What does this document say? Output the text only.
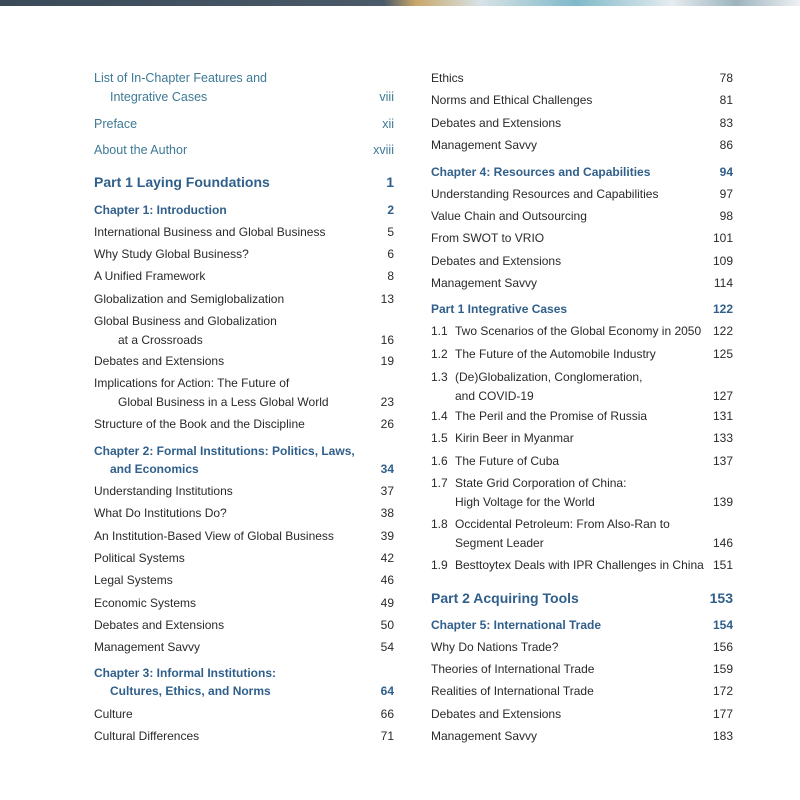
List of In-Chapter Features and
Integrative Cases	viii
Preface	xii
About the Author	xviii
Part 1 Laying Foundations	1
Chapter 1: Introduction	2
International Business and Global Business	5
Why Study Global Business?	6
A Unified Framework	8
Globalization and Semiglobalization	13
Global Business and Globalization
at a Crossroads	16
Debates and Extensions	19
Implications for Action: The Future of
Global Business in a Less Global World	23
Structure of the Book and the Discipline	26
Chapter 2: Formal Institutions: Politics, Laws,
and Economics	34
Understanding Institutions	37
What Do Institutions Do?	38
An Institution-Based View of Global Business	39
Political Systems	42
Legal Systems	46
Economic Systems	49
Debates and Extensions	50
Management Savvy	54
Chapter 3: Informal Institutions:
Cultures, Ethics, and Norms	64
Culture	66
Cultural Differences	71
Ethics	78
Norms and Ethical Challenges	81
Debates and Extensions	83
Management Savvy	86
Chapter 4: Resources and Capabilities	94
Understanding Resources and Capabilities	97
Value Chain and Outsourcing	98
From SWOT to VRIO	101
Debates and Extensions	109
Management Savvy	114
Part 1 Integrative Cases	122
1.1 Two Scenarios of the Global Economy in 2050 122
1.2 The Future of the Automobile Industry	125
1.3 (De)Globalization, Conglomeration,
and COVID-19	127
1.4 The Peril and the Promise of Russia	131
1.5 Kirin Beer in Myanmar	133
1.6 The Future of Cuba	137
1.7 State Grid Corporation of China:
High Voltage for the World	139
1.8 Occidental Petroleum: From Also-Ran to
Segment Leader	146
1.9 Besttoytex Deals with IPR Challenges in China 151
Part 2 Acquiring Tools	153
Chapter 5: International Trade	154
Why Do Nations Trade?	156
Theories of International Trade	159
Realities of International Trade	172
Debates and Extensions	177
Management Savvy	183
